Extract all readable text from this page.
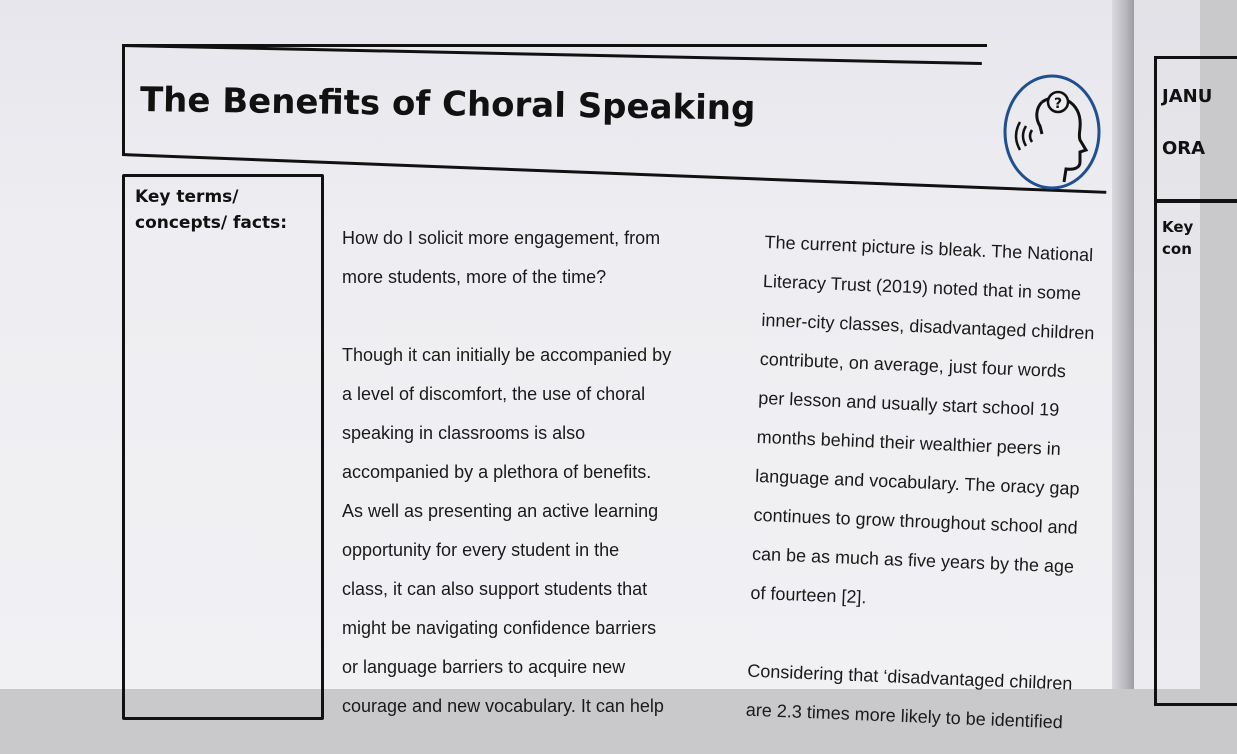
JANU
ORA
Key
con
The Benefits of Choral Speaking	?
Key terms/
concepts/ facts:
How do I solicit more engagement, from
more students, more of the time?
Though it can initially be accompanied by
a level of discomfort, the use of choral
speaking in classrooms is also
accompanied by a plethora of benefits.
As well as presenting an active learning
opportunity for every student in the
class, it can also support students that
might be navigating confidence barriers
or language barriers to acquire new
courage and new vocabulary. It can help
The current picture is bleak. The National
Literacy Trust (2019) noted that in some
inner-city classes, disadvantaged children
contribute, on average, just four words
per lesson and usually start school 19
months behind their wealthier peers in
language and vocabulary. The oracy gap
continues to grow throughout school and
can be as much as five years by the age
of fourteen [2].
Considering that ‘disadvantaged children
are 2.3 times more likely to be identified
